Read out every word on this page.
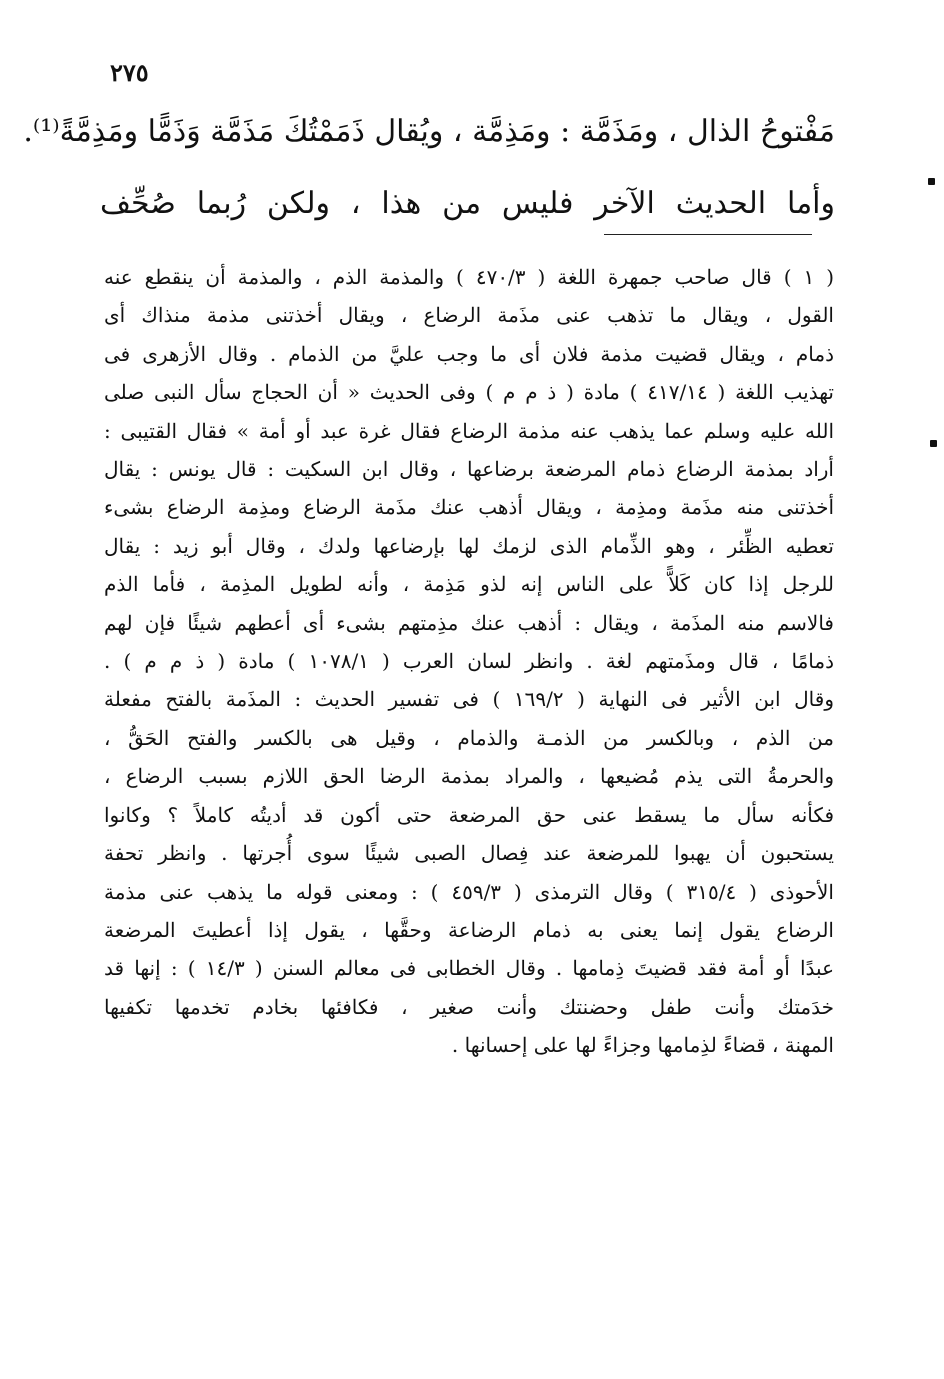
٢٧٥
مَفْتوحُ الذال ، ومَذَمَّة : ومَذِمَّة ، ويُقال ذَمَمْتُكَ مَذَمَّة وَذَمًّا ومَذِمَّةً⁽¹⁾.
وأما الحديث الآخر فليس من هذا ، ولكن رُبما صُحِّف
( ١ ) قال صاحب جمهرة اللغة ( ٤٧٠/٣ ) والمذمة الذم ، والمذمة أن ينقطع عنه
القول ، ويقال ما تذهب عنى مذَمة الرضاع ، ويقال أخذتنى مذمة منذاك أى
ذمام ، ويقال قضيت مذمة فلان أى ما وجب عليَّ من الذمام . وقال الأزهرى فى
تهذيب اللغة ( ٤١٧/١٤ ) مادة ( ذ م م ) وفى الحديث « أن الحجاج سأل النبى صلى
الله عليه وسلم عما يذهب عنه مذمة الرضاع فقال غرة عبد أو أمة » فقال القتيبى :
أراد بمذمة الرضاع ذمام المرضعة برضاعها ، وقال ابن السكيت : قال يونس : يقال
أخذتنى منه مذَمة ومذِمة ، ويقال أذهب عنك مذَمة الرضاع ومذِمة الرضاع بشىء
تعطيه الظِّئر ، وهو الذِّمام الذى لزمك لها بإرضاعها ولدك ، وقال أبو زيد : يقال
للرجل إذا كان كَلاًّ على الناس إنه لذو مَذِمة ، وأنه لطويل المذِمة ، فأما الذم
فالاسم منه المذَمة ، ويقال : أذهب عنك مذِمتهم بشىء أى أعطهم شيئًا فإن لهم
ذمامًا ، قال ومذَمتهم لغة . وانظر لسان العرب ( ١٠٧٨/١ ) مادة ( ذ م م ) .
وقال ابن الأثير فى النهاية ( ١٦٩/٢ ) فى تفسير الحديث : المذَمة بالفتح مفعلة
من الذم ، وبالكسر من الذمـة والذمام ، وقيل هى بالكسر والفتح الحَقُّ ،
والحرمةُ التى يذم مُضيعها ، والمراد بمذمة الرضا الحق اللازم بسبب الرضاع ،
فكأنه سأل ما يسقط عنى حق المرضعة حتى أكون قد أديتُه كاملاً ؟ وكانوا
يستحبون أن يهبوا للمرضعة عند فِصال الصبى شيئًا سوى أُجرتها . وانظر تحفة
الأحوذى ( ٣١٥/٤ ) وقال الترمذى ( ٤٥٩/٣ ) : ومعنى قوله ما يذهب عنى مذمة
الرضاع يقول إنما يعنى به ذمام الرضاعة وحقَّها ، يقول إذا أعطيتَ المرضعة
عبدًا أو أمة فقد قضيتَ ذِمامها . وقال الخطابى فى معالم السنن ( ١٤/٣ ) : إنها قد
خدَمتك وأنت طفل وحضنتك وأنت صغير ، فكافئها بخادم تخدمها تكفيها
المهنة ، قضاءً لذِمامها وجزاءً لها على إحسانها .
